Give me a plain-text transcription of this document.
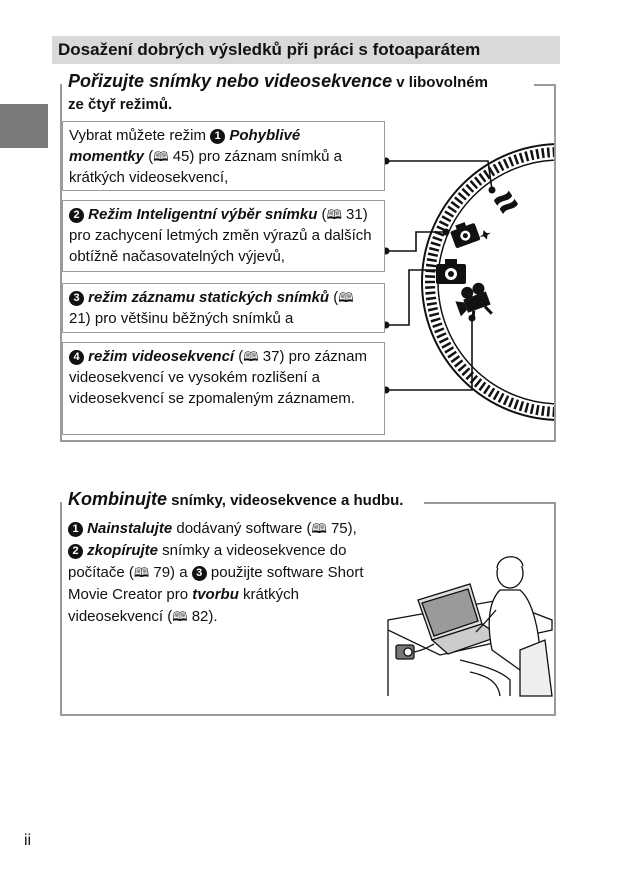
Dosažení dobrých výsledků při práci s fotoaparátem
Pořizujte snímky nebo videosekvence v libovolném
ze čtyř režimů.

Vybrat můžete režim 1 Pohyblivé momentky (🕮 45) pro záznam snímků a krátkých videosekvencí,

2 Režim Inteligentní výběr snímku (🕮 31) pro zachycení letmých změn výrazů a dalších obtížně načasovatelných výjevů,

3 režim záznamu statických snímků (🕮 21) pro většinu běžných snímků a

4 režim videosekvencí (🕮 37) pro záznam videosekvencí ve vysokém rozlišení a videosekvencí se zpomaleným záznamem.

Kombinujte snímky, videosekvence a hudbu.
1 Nainstalujte dodávaný software (🕮 75), 2 zkopírujte snímky a videosekvence do počítače (🕮 79) a 3 použijte software Short Movie Creator pro tvorbu krátkých videosekvencí (🕮 82).
ii
